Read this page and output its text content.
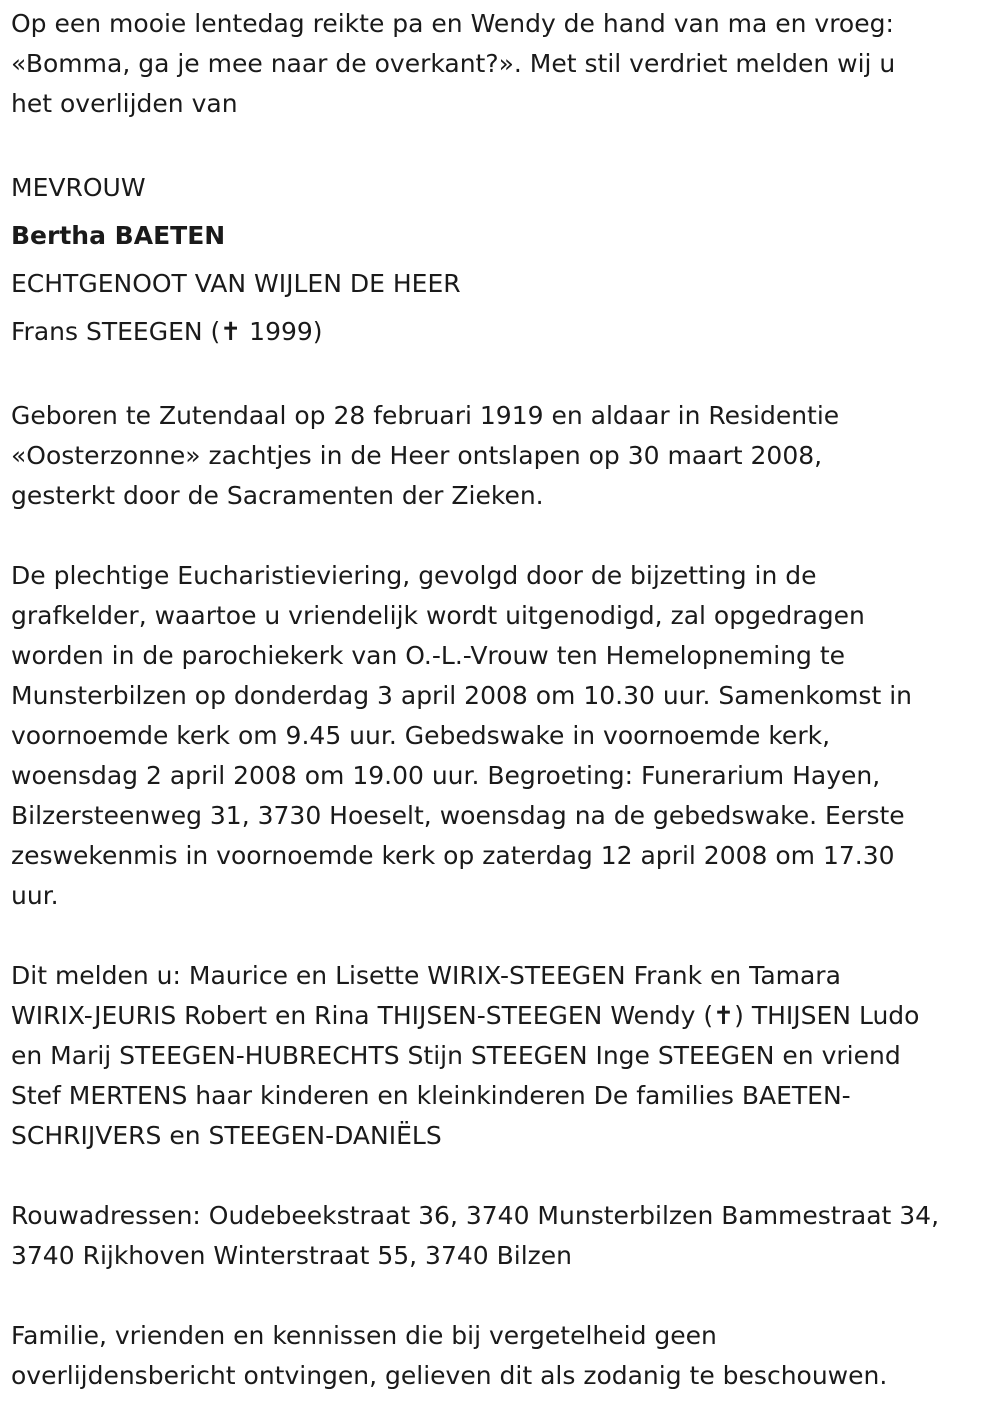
Op een mooie lentedag reikte pa en Wendy de hand van ma en vroeg:
«Bomma, ga je mee naar de overkant?». Met stil verdriet melden wij u
het overlijden van

MEVROUW

Bertha BAETEN

ECHTGENOOT VAN WIJLEN DE HEER

Frans STEEGEN (✝ 1999)

Geboren te Zutendaal op 28 februari 1919 en aldaar in Residentie
«Oosterzonne» zachtjes in de Heer ontslapen op 30 maart 2008,
gesterkt door de Sacramenten der Zieken.

De plechtige Eucharistieviering, gevolgd door de bijzetting in de
grafkelder, waartoe u vriendelijk wordt uitgenodigd, zal opgedragen
worden in de parochiekerk van O.-L.-Vrouw ten Hemelopneming te
Munsterbilzen op donderdag 3 april 2008 om 10.30 uur. Samenkomst in
voornoemde kerk om 9.45 uur. Gebedswake in voornoemde kerk,
woensdag 2 april 2008 om 19.00 uur. Begroeting: Funerarium Hayen,
Bilzersteenweg 31, 3730 Hoeselt, woensdag na de gebedswake. Eerste
zeswekenmis in voornoemde kerk op zaterdag 12 april 2008 om 17.30
uur.

Dit melden u: Maurice en Lisette WIRIX-STEEGEN Frank en Tamara
WIRIX-JEURIS Robert en Rina THIJSEN-STEEGEN Wendy (✝) THIJSEN Ludo
en Marij STEEGEN-HUBRECHTS Stijn STEEGEN Inge STEEGEN en vriend
Stef MERTENS haar kinderen en kleinkinderen De families BAETEN-
SCHRIJVERS en STEEGEN-DANIËLS

Rouwadressen: Oudebeekstraat 36, 3740 Munsterbilzen Bammestraat 34,
3740 Rijkhoven Winterstraat 55, 3740 Bilzen

Familie, vrienden en kennissen die bij vergetelheid geen
overlijdensbericht ontvingen, gelieven dit als zodanig te beschouwen.
